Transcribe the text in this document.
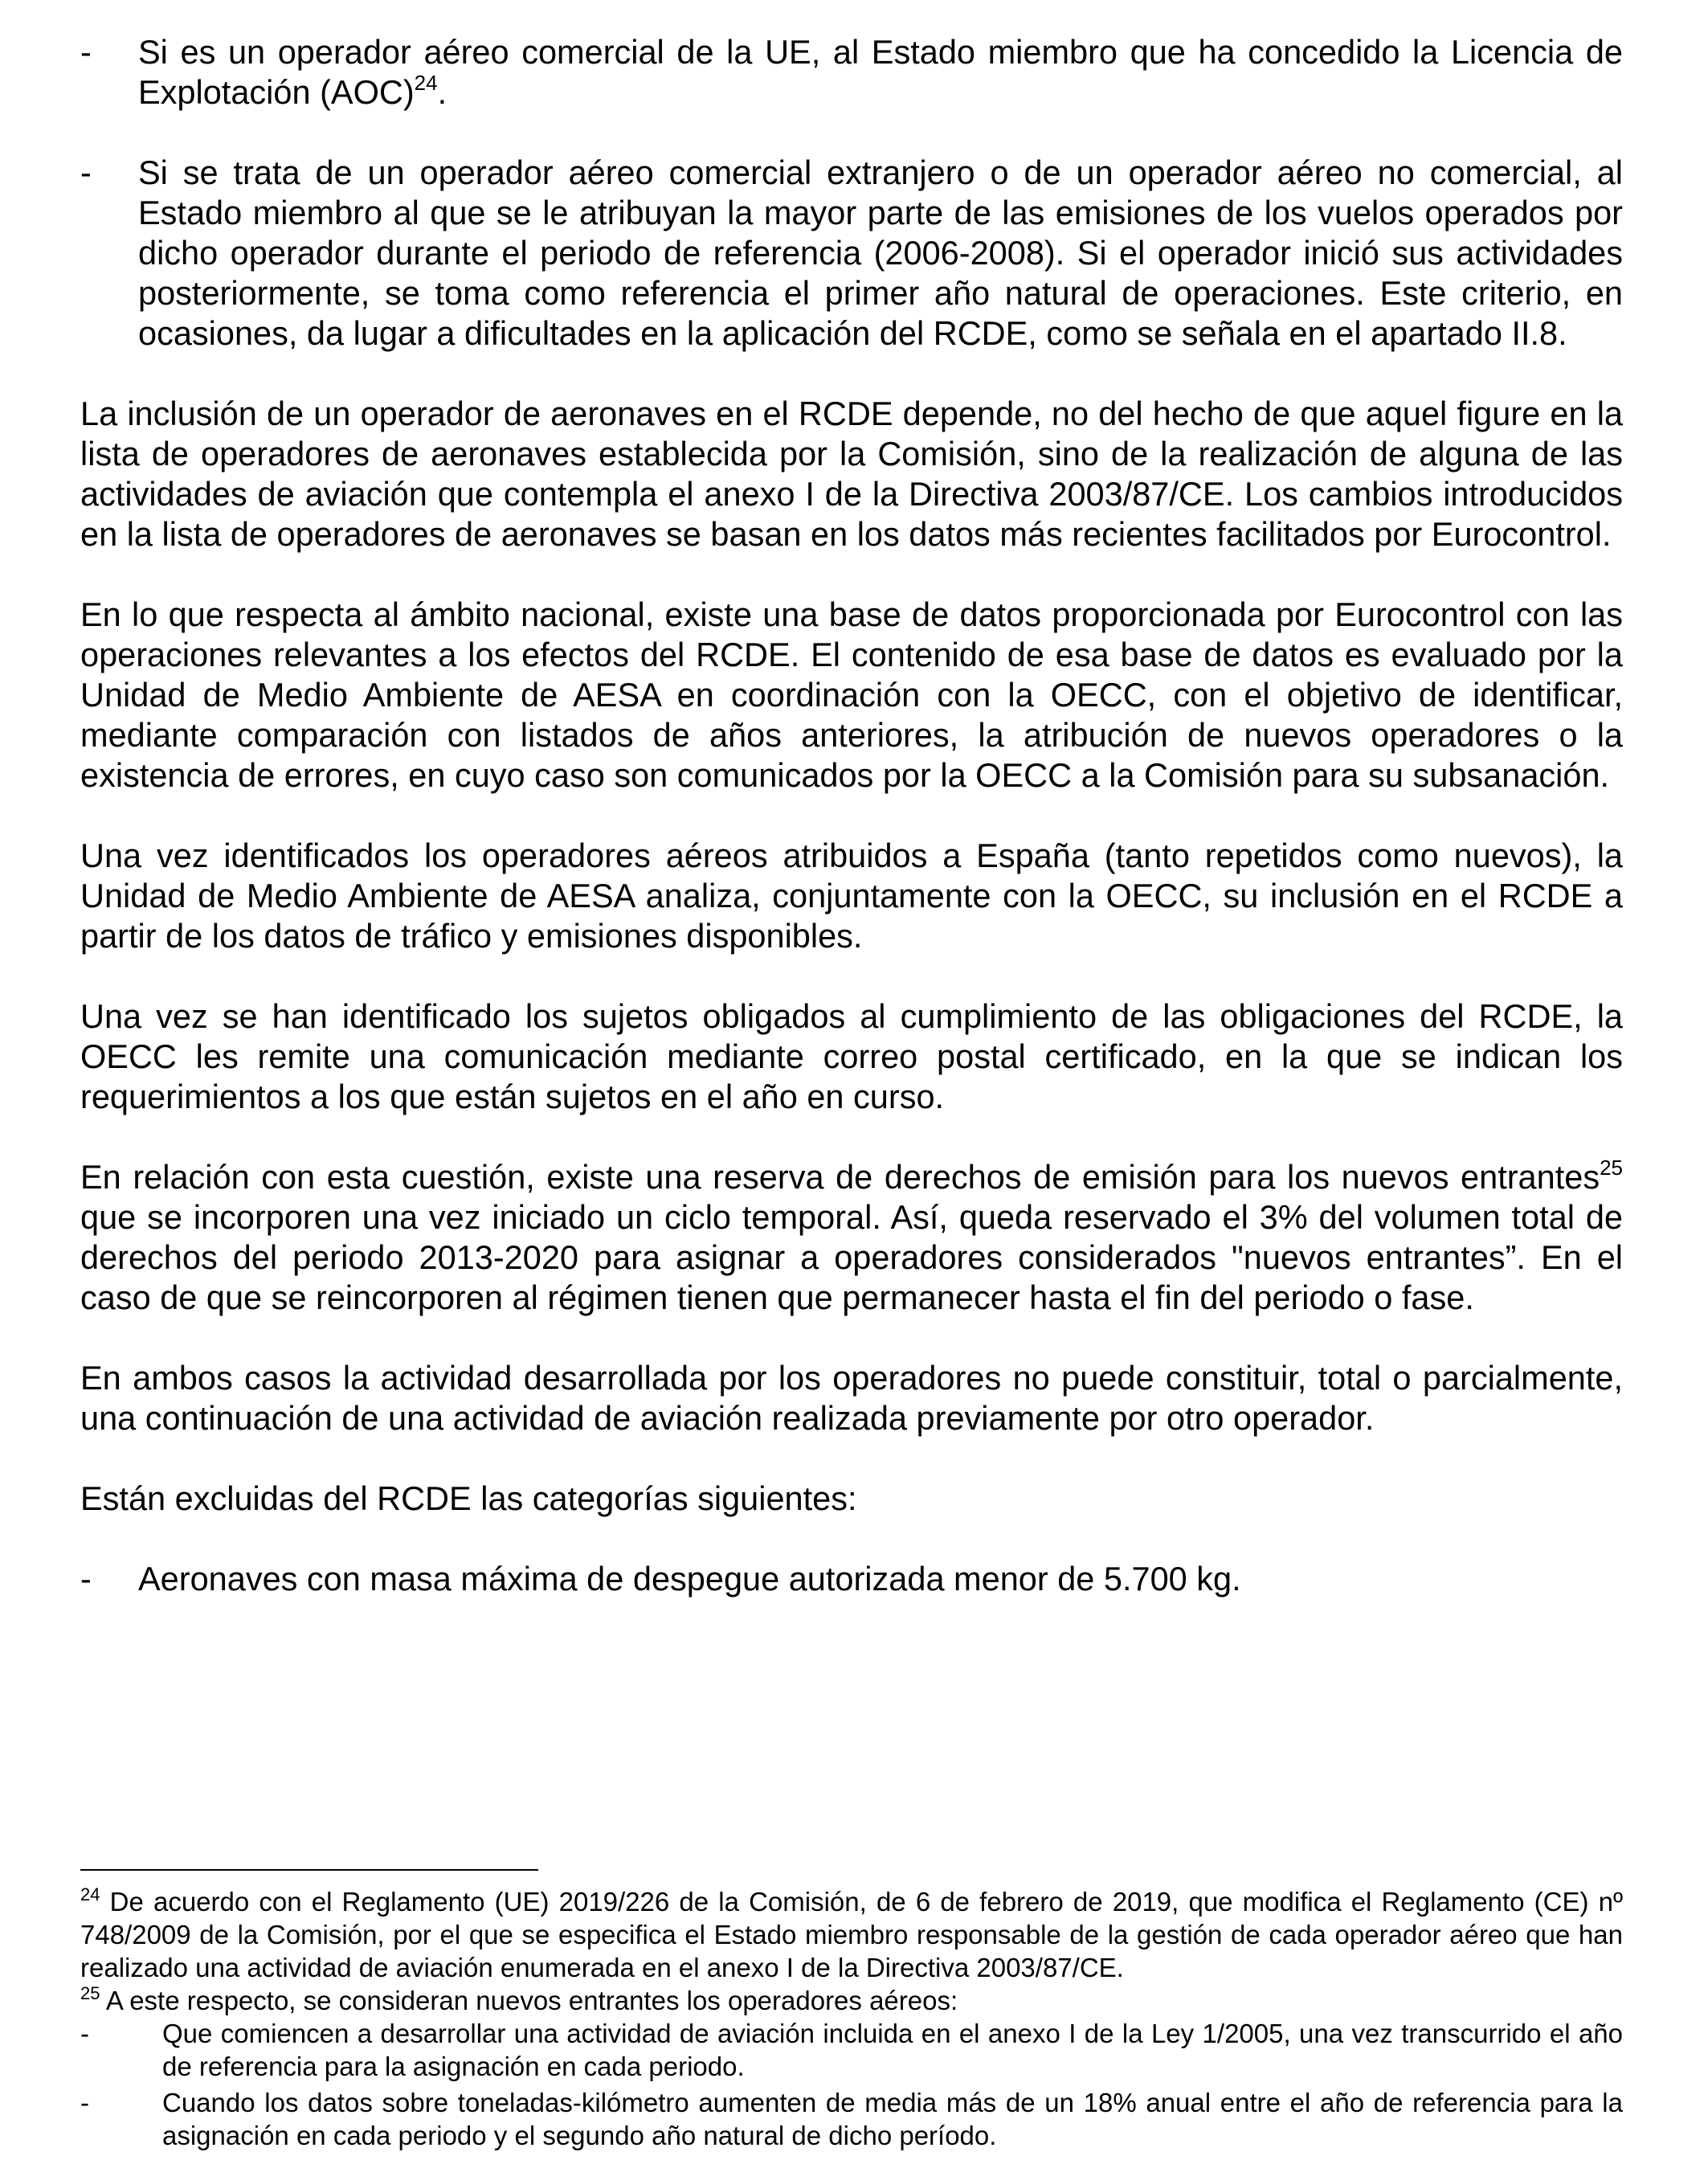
- Si es un operador aéreo comercial de la UE, al Estado miembro que ha concedido la Licencia de Explotación (AOC)$^{24}$.
- Si se trata de un operador aéreo comercial extranjero o de un operador aéreo no comercial, al Estado miembro al que se le atribuyan la mayor parte de las emisiones de los vuelos operados por dicho operador durante el periodo de referencia (2006-2008). Si el operador inició sus actividades posteriormente, se toma como referencia el primer año natural de operaciones. Este criterio, en ocasiones, da lugar a dificultades en la aplicación del RCDE, como se señala en el apartado II.8.

La inclusión de un operador de aeronaves en el RCDE depende, no del hecho de que aquel figure en la lista de operadores de aeronaves establecida por la Comisión, sino de la realización de alguna de las actividades de aviación que contempla el anexo I de la Directiva 2003/87/CE. Los cambios introducidos en la lista de operadores de aeronaves se basan en los datos más recientes facilitados por Eurocontrol.

En lo que respecta al ámbito nacional, existe una base de datos proporcionada por Eurocontrol con las operaciones relevantes a los efectos del RCDE. El contenido de esa base de datos es evaluado por la Unidad de Medio Ambiente de AESA en coordinación con la OECC, con el objetivo de identificar, mediante comparación con listados de años anteriores, la atribución de nuevos operadores o la existencia de errores, en cuyo caso son comunicados por la OECC a la Comisión para su subsanación.

Una vez identificados los operadores aéreos atribuidos a España (tanto repetidos como nuevos), la Unidad de Medio Ambiente de AESA analiza, conjuntamente con la OECC, su inclusión en el RCDE a partir de los datos de tráfico y emisiones disponibles.

Una vez se han identificado los sujetos obligados al cumplimiento de las obligaciones del RCDE, la OECC les remite una comunicación mediante correo postal certificado, en la que se indican los requerimientos a los que están sujetos en el año en curso.

En relación con esta cuestión, existe una reserva de derechos de emisión para los nuevos entrantes$^{25}$ que se incorporen una vez iniciado un ciclo temporal. Así, queda reservado el 3% del volumen total de derechos del periodo 2013-2020 para asignar a operadores considerados "nuevos entrantes”. En el caso de que se reincorporen al régimen tienen que permanecer hasta el fin del periodo o fase.

En ambos casos la actividad desarrollada por los operadores no puede constituir, total o parcialmente, una continuación de una actividad de aviación realizada previamente por otro operador.

Están excluidas del RCDE las categorías siguientes:

- Aeronaves con masa máxima de despegue autorizada menor de 5.700 kg.

$^{24}$ De acuerdo con el Reglamento (UE) 2019/226 de la Comisión, de 6 de febrero de 2019, que modifica el Reglamento (CE) nº 748/2009 de la Comisión, por el que se especifica el Estado miembro responsable de la gestión de cada operador aéreo que han realizado una actividad de aviación enumerada en el anexo I de la Directiva 2003/87/CE.

$^{25}$ A este respecto, se consideran nuevos entrantes los operadores aéreos:

-	Que comiencen a desarrollar una actividad de aviación incluida en el anexo I de la Ley 1/2005, una vez transcurrido el año de referencia para la asignación en cada periodo.
-	Cuando los datos sobre toneladas-kilómetro aumenten de media más de un 18% anual entre el año de referencia para la asignación en cada periodo y el segundo año natural de dicho período.
